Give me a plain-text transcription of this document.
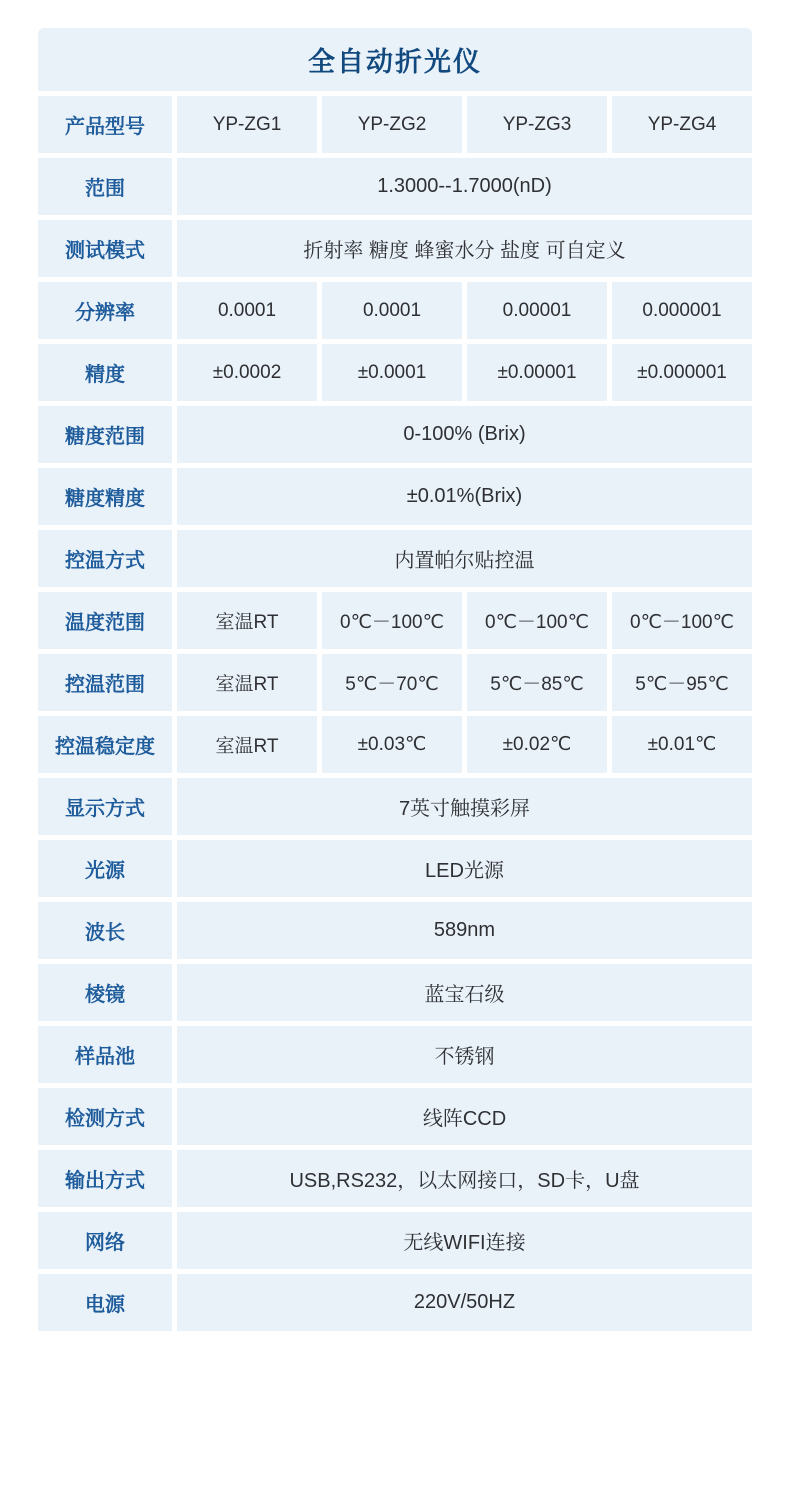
全自动折光仪
产品型号	YP-ZG1	YP-ZG2	YP-ZG3	YP-ZG4
范围	1.3000--1.7000(nD)
测试模式	折射率 糖度 蜂蜜水分 盐度 可自定义
分辨率	0.0001	0.0001	0.00001	0.000001
精度	±0.0002	±0.0001	±0.00001	±0.000001
糖度范围	0-100% (Brix)
糖度精度	±0.01%(Brix)
控温方式	内置帕尔贴控温
温度范围	室温RT	0℃－100℃	0℃－100℃	0℃－100℃
控温范围	室温RT	5℃－70℃	5℃－85℃	5℃－95℃
控温稳定度	室温RT	±0.03℃	±0.02℃	±0.01℃
显示方式	7英寸触摸彩屏
光源	LED光源
波长	589nm
棱镜	蓝宝石级
样品池	不锈钢
检测方式	线阵CCD
输出方式	USB,RS232，以太网接口，SD卡，U盘
网络	无线WIFI连接
电源	220V/50HZ
